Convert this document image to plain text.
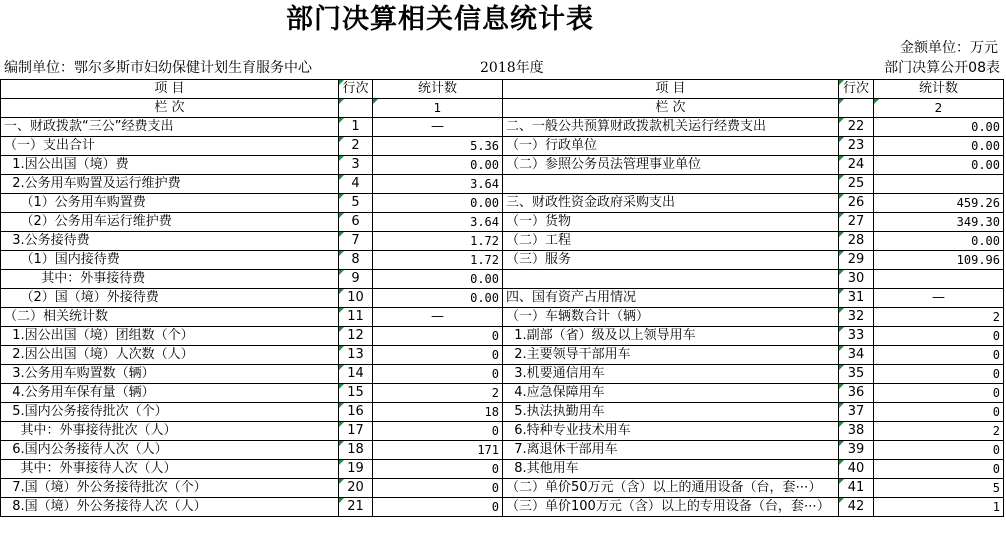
部门决算相关信息统计表
金额单位：万元
编制单位：鄂尔多斯市妇幼保健计划生育服务中心	2018年度	部门决算公开08表
项 目	行次	统计数	项 目	行次	统计数
栏 次		1	栏 次		2
一、财政拨款“三公”经费支出	1	—	二、一般公共预算财政拨款机关运行经费支出	22	0.00
（一）支出合计	2	5.36	（一）行政单位	23	0.00
1.因公出国（境）费	3	0.00	（二）参照公务员法管理事业单位	24	0.00
2.公务用车购置及运行维护费	4	3.64		25	
（1）公务用车购置费	5	0.00	三、财政性资金政府采购支出	26	459.26
（2）公务用车运行维护费	6	3.64	（一）货物	27	349.30
3.公务接待费	7	1.72	（二）工程	28	0.00
（1）国内接待费	8	1.72	（三）服务	29	109.96
其中：外事接待费	9	0.00		30	
（2）国（境）外接待费	10	0.00	四、国有资产占用情况	31	—
（二）相关统计数	11	—	（一）车辆数合计（辆）	32	2
1.因公出国（境）团组数（个）	12	0	1.副部（省）级及以上领导用车	33	0
2.因公出国（境）人次数（人）	13	0	2.主要领导干部用车	34	0
3.公务用车购置数（辆）	14	0	3.机要通信用车	35	0
4.公务用车保有量（辆）	15	2	4.应急保障用车	36	0
5.国内公务接待批次（个）	16	18	5.执法执勤用车	37	0
其中：外事接待批次（人）	17	0	6.特种专业技术用车	38	2
6.国内公务接待人次（人）	18	171	7.离退休干部用车	39	0
其中：外事接待人次（人）	19	0	8.其他用车	40	0
7.国（境）外公务接待批次（个）	20	0	（二）单价50万元（含）以上的通用设备（台，套⋯）	41	5
8.国（境）外公务接待人次（人）	21	0	（三）单价100万元（含）以上的专用设备（台，套⋯）	42	1
